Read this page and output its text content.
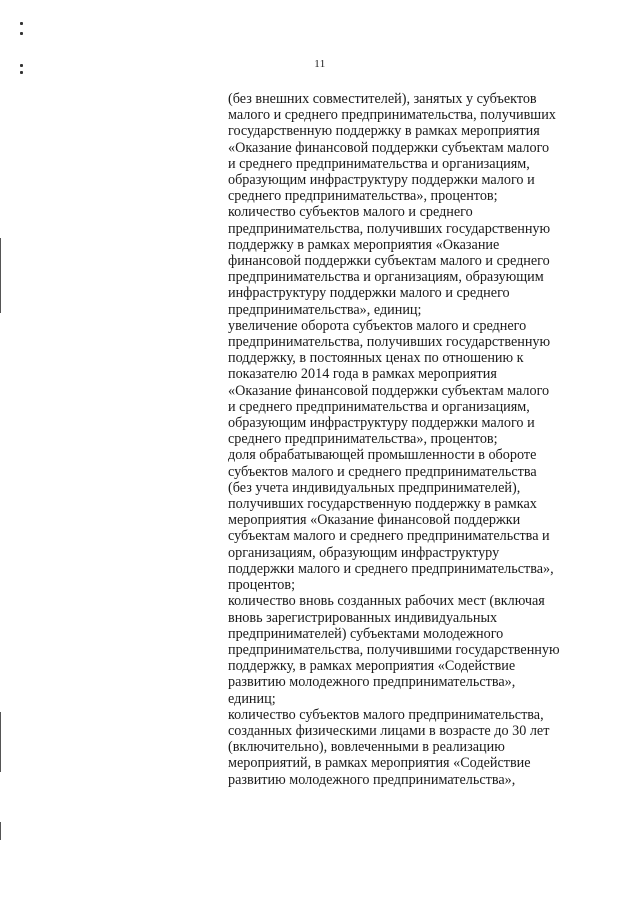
11
(без внешних совместителей), занятых у субъектов
малого и среднего предпринимательства, получивших
государственную поддержку в рамках мероприятия
«Оказание финансовой поддержки субъектам малого
и среднего предпринимательства и организациям,
образующим инфраструктуру поддержки малого и
среднего предпринимательства», процентов;
количество субъектов малого и среднего
предпринимательства, получивших государственную
поддержку в рамках мероприятия «Оказание
финансовой поддержки субъектам малого и среднего
предпринимательства и организациям, образующим
инфраструктуру поддержки малого и среднего
предпринимательства», единиц;
увеличение оборота субъектов малого и среднего
предпринимательства, получивших государственную
поддержку, в постоянных ценах по отношению к
показателю 2014 года в рамках мероприятия
«Оказание финансовой поддержки субъектам малого
и среднего предпринимательства и организациям,
образующим инфраструктуру поддержки малого и
среднего предпринимательства», процентов;
доля обрабатывающей промышленности в обороте
субъектов малого и среднего предпринимательства
(без учета индивидуальных предпринимателей),
получивших государственную поддержку в рамках
мероприятия «Оказание финансовой поддержки
субъектам малого и среднего предпринимательства и
организациям, образующим инфраструктуру
поддержки малого и среднего предпринимательства»,
процентов;
количество вновь созданных рабочих мест (включая
вновь зарегистрированных индивидуальных
предпринимателей) субъектами молодежного
предпринимательства, получившими государственную
поддержку, в рамках мероприятия «Содействие
развитию молодежного предпринимательства»,
единиц;
количество субъектов малого предпринимательства,
созданных физическими лицами в возрасте до 30 лет
(включительно), вовлеченными в реализацию
мероприятий, в рамках мероприятия «Содействие
развитию молодежного предпринимательства»,
